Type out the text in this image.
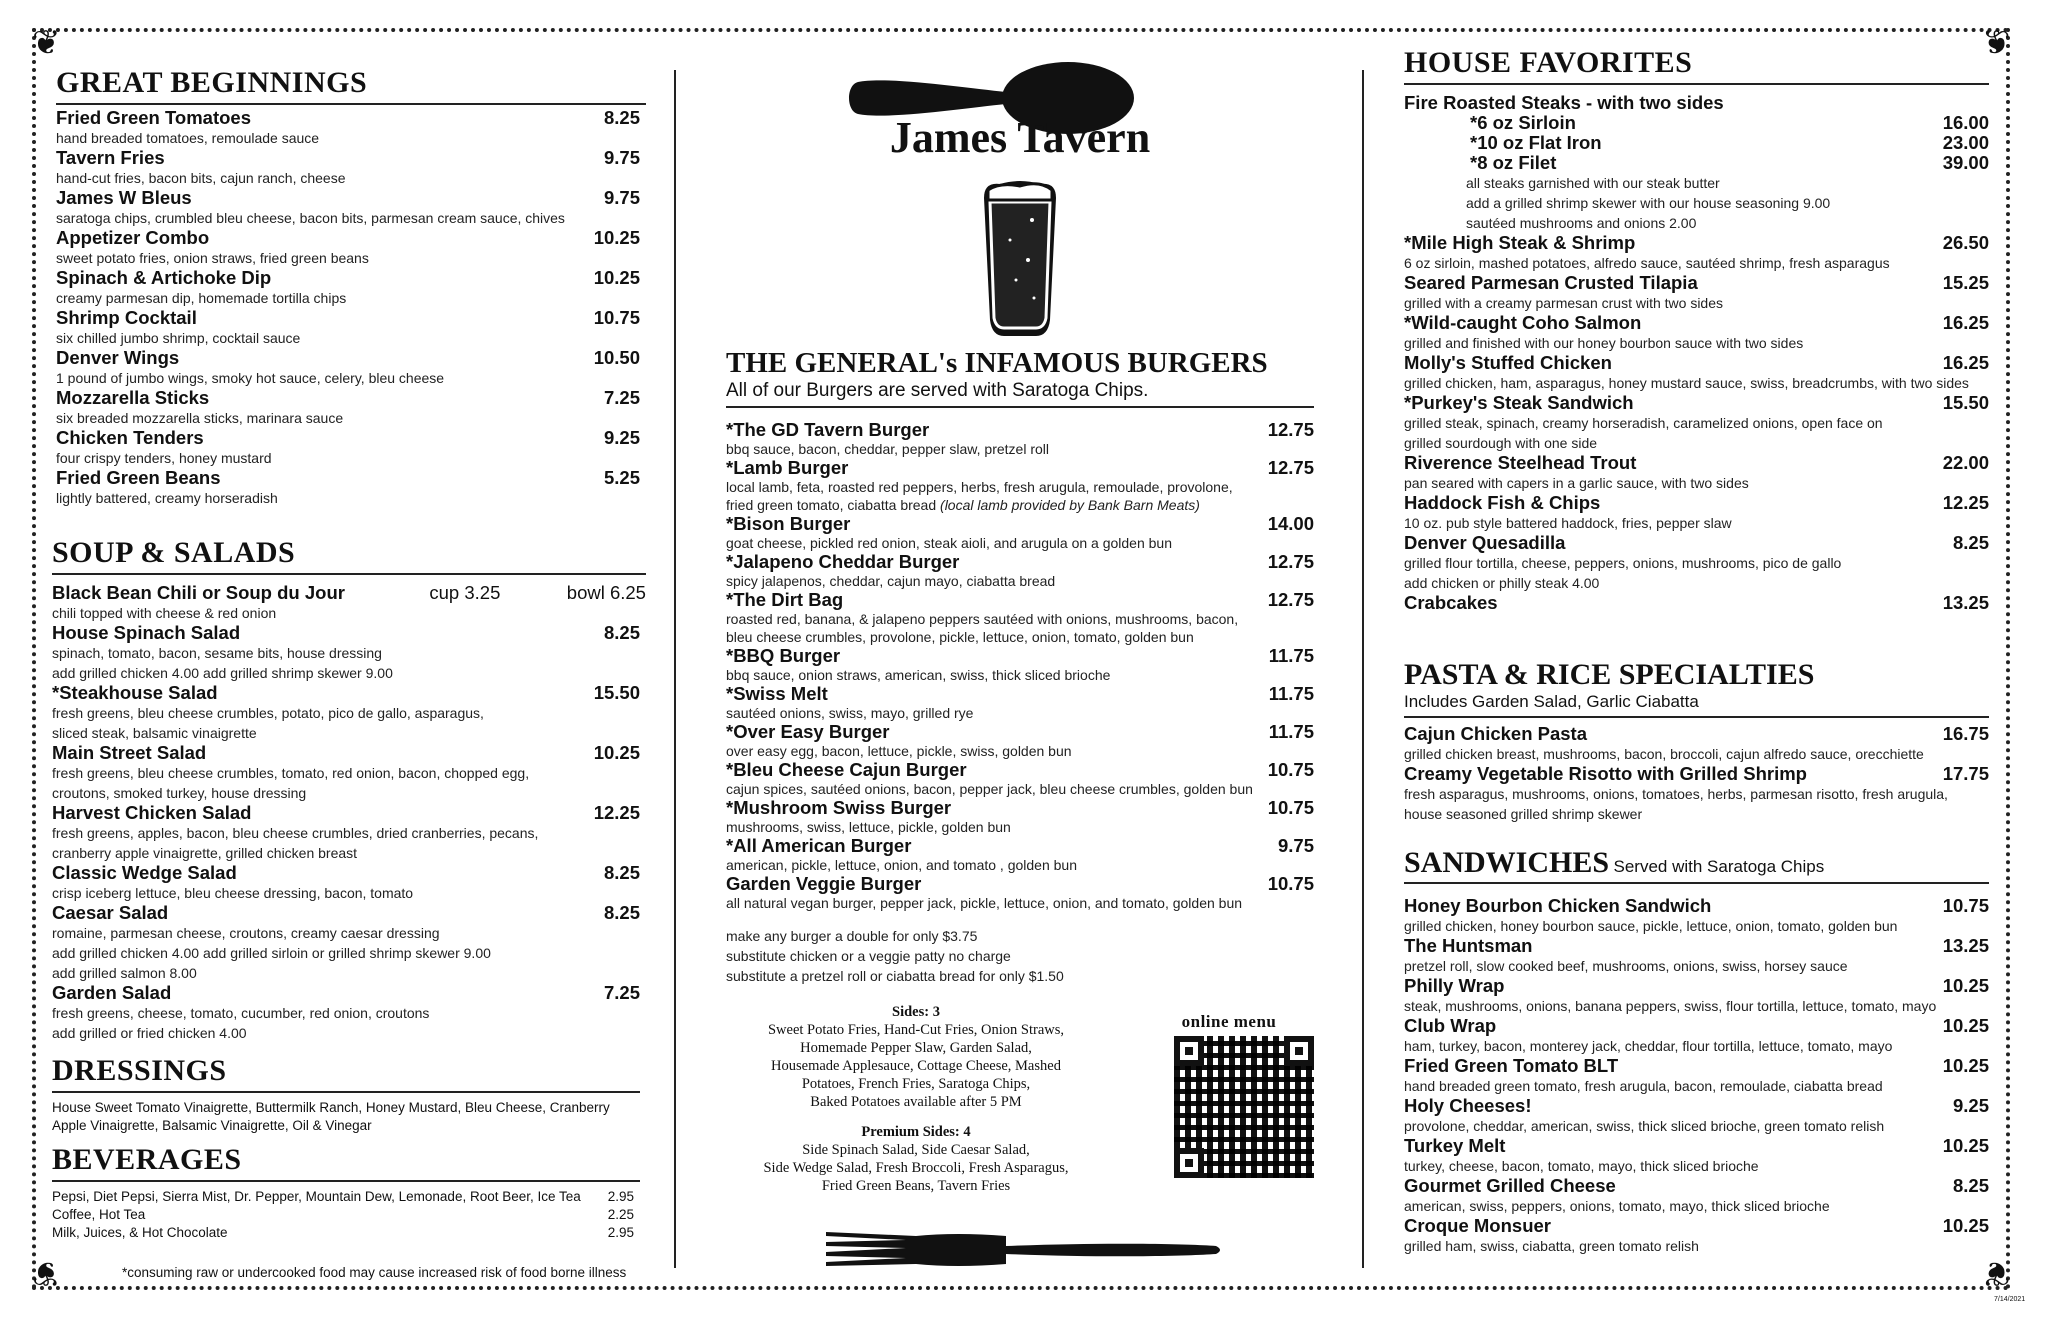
❦	❦
❦	❦
GREAT BEGINNINGS
Fried Green Tomatoes	8.25
hand breaded tomatoes, remoulade sauce
Tavern Fries	9.75
hand-cut fries, bacon bits, cajun ranch, cheese
James W Bleus	9.75
saratoga chips, crumbled bleu cheese, bacon bits, parmesan cream sauce, chives
Appetizer Combo	10.25
sweet potato fries, onion straws, fried green beans
Spinach & Artichoke Dip	10.25
creamy parmesan dip, homemade tortilla chips
Shrimp Cocktail	10.75
six chilled jumbo shrimp, cocktail sauce
Denver Wings	10.50
1 pound of jumbo wings, smoky hot sauce, celery, bleu cheese
Mozzarella Sticks	7.25
six breaded mozzarella sticks, marinara sauce
Chicken Tenders	9.25
four crispy tenders, honey mustard
Fried Green Beans	5.25
lightly battered, creamy horseradish
SOUP & SALADS
Black Bean Chili or Soup du Jour	cup 3.25	bowl 6.25
chili topped with cheese & red onion
House Spinach Salad	8.25
spinach, tomato, bacon, sesame bits, house dressing
add grilled chicken 4.00 add grilled shrimp skewer 9.00
*Steakhouse Salad	15.50
fresh greens, bleu cheese crumbles, potato, pico de gallo, asparagus,
sliced steak, balsamic vinaigrette
Main Street Salad	10.25
fresh greens, bleu cheese crumbles, tomato, red onion, bacon, chopped egg,
croutons, smoked turkey, house dressing
Harvest Chicken Salad	12.25
fresh greens, apples, bacon, bleu cheese crumbles, dried cranberries, pecans,
cranberry apple vinaigrette, grilled chicken breast
Classic Wedge Salad	8.25
crisp iceberg lettuce, bleu cheese dressing, bacon, tomato
Caesar Salad	8.25
romaine, parmesan cheese, croutons, creamy caesar dressing
add grilled chicken 4.00 add grilled sirloin or grilled shrimp skewer 9.00
add grilled salmon 8.00
Garden Salad	7.25
fresh greens, cheese, tomato, cucumber, red onion, croutons
add grilled or fried chicken 4.00
DRESSINGS
House Sweet Tomato Vinaigrette, Buttermilk Ranch, Honey Mustard, Bleu Cheese, Cranberry Apple Vinaigrette, Balsamic Vinaigrette, Oil & Vinegar
BEVERAGES
Pepsi, Diet Pepsi, Sierra Mist, Dr. Pepper, Mountain Dew, Lemonade, Root Beer, Ice Tea 2.95
Coffee, Hot Tea	2.25
Milk, Juices, & Hot Chocolate	2.95
*consuming raw or undercooked food may cause increased risk of food borne illness
James Tavern
THE GENERAL's INFAMOUS BURGERS
All of our Burgers are served with Saratoga Chips.
*The GD Tavern Burger	12.75
bbq sauce, bacon, cheddar, pepper slaw, pretzel roll
*Lamb Burger	12.75
local lamb, feta, roasted red peppers, herbs, fresh arugula, remoulade, provolone,
fried green tomato, ciabatta bread (local lamb provided by Bank Barn Meats)
*Bison Burger	14.00
goat cheese, pickled red onion, steak aioli, and arugula on a golden bun
*Jalapeno Cheddar Burger	12.75
spicy jalapenos, cheddar, cajun mayo, ciabatta bread
*The Dirt Bag	12.75
roasted red, banana, & jalapeno peppers sautéed with onions, mushrooms, bacon,
bleu cheese crumbles, provolone, pickle, lettuce, onion, tomato, golden bun
*BBQ Burger	11.75
bbq sauce, onion straws, american, swiss, thick sliced brioche
*Swiss Melt	11.75
sautéed onions, swiss, mayo, grilled rye
*Over Easy Burger	11.75
over easy egg, bacon, lettuce, pickle, swiss, golden bun
*Bleu Cheese Cajun Burger	10.75
cajun spices, sautéed onions, bacon, pepper jack, bleu cheese crumbles, golden bun
*Mushroom Swiss Burger	10.75
mushrooms, swiss, lettuce, pickle, golden bun
*All American Burger	9.75
american, pickle, lettuce, onion, and tomato , golden bun
Garden Veggie Burger	10.75
all natural vegan burger, pepper jack, pickle, lettuce, onion, and tomato, golden bun
make any burger a double for only $3.75
substitute chicken or a veggie patty no charge
substitute a pretzel roll or ciabatta bread for only $1.50
Sides: 3
Sweet Potato Fries, Hand-Cut Fries, Onion Straws,
Homemade Pepper Slaw, Garden Salad,
Housemade Applesauce, Cottage Cheese, Mashed
Potatoes, French Fries, Saratoga Chips,
Baked Potatoes available after 5 PM
Premium Sides: 4
Side Spinach Salad, Side Caesar Salad,
Side Wedge Salad, Fresh Broccoli, Fresh Asparagus,
Fried Green Beans, Tavern Fries
online menu
HOUSE FAVORITES
Fire Roasted Steaks - with two sides
*6 oz Sirloin	16.00
*10 oz Flat Iron	23.00
*8 oz Filet	39.00
all steaks garnished with our steak butter
add a grilled shrimp skewer with our house seasoning 9.00
sautéed mushrooms and onions 2.00
*Mile High Steak & Shrimp	26.50
6 oz sirloin, mashed potatoes, alfredo sauce, sautéed shrimp, fresh asparagus
Seared Parmesan Crusted Tilapia	15.25
grilled with a creamy parmesan crust with two sides
*Wild-caught Coho Salmon	16.25
grilled and finished with our honey bourbon sauce with two sides
Molly's Stuffed Chicken	16.25
grilled chicken, ham, asparagus, honey mustard sauce, swiss, breadcrumbs, with two sides
*Purkey's Steak Sandwich	15.50
grilled steak, spinach, creamy horseradish, caramelized onions, open face on
grilled sourdough with one side
Riverence Steelhead Trout	22.00
pan seared with capers in a garlic sauce, with two sides
Haddock Fish & Chips	12.25
10 oz. pub style battered haddock, fries, pepper slaw
Denver Quesadilla	8.25
grilled flour tortilla, cheese, peppers, onions, mushrooms, pico de gallo
add chicken or philly steak 4.00
Crabcakes	13.25
PASTA & RICE SPECIALTIES
Includes Garden Salad, Garlic Ciabatta
Cajun Chicken Pasta	16.75
grilled chicken breast, mushrooms, bacon, broccoli, cajun alfredo sauce, orecchiette
Creamy Vegetable Risotto with Grilled Shrimp	17.75
fresh asparagus, mushrooms, onions, tomatoes, herbs, parmesan risotto, fresh arugula,
house seasoned grilled shrimp skewer
SANDWICHES Served with Saratoga Chips
Honey Bourbon Chicken Sandwich	10.75
grilled chicken, honey bourbon sauce, pickle, lettuce, onion, tomato, golden bun
The Huntsman	13.25
pretzel roll, slow cooked beef, mushrooms, onions, swiss, horsey sauce
Philly Wrap	10.25
steak, mushrooms, onions, banana peppers, swiss, flour tortilla, lettuce, tomato, mayo
Club Wrap	10.25
ham, turkey, bacon, monterey jack, cheddar, flour tortilla, lettuce, tomato, mayo
Fried Green Tomato BLT	10.25
hand breaded green tomato, fresh arugula, bacon, remoulade, ciabatta bread
Holy Cheeses!	9.25
provolone, cheddar, american, swiss, thick sliced brioche, green tomato relish
Turkey Melt	10.25
turkey, cheese, bacon, tomato, mayo, thick sliced brioche
Gourmet Grilled Cheese	8.25
american, swiss, peppers, onions, tomato, mayo, thick sliced brioche
Croque Monsuer	10.25
grilled ham, swiss, ciabatta, green tomato relish
7/14/2021
